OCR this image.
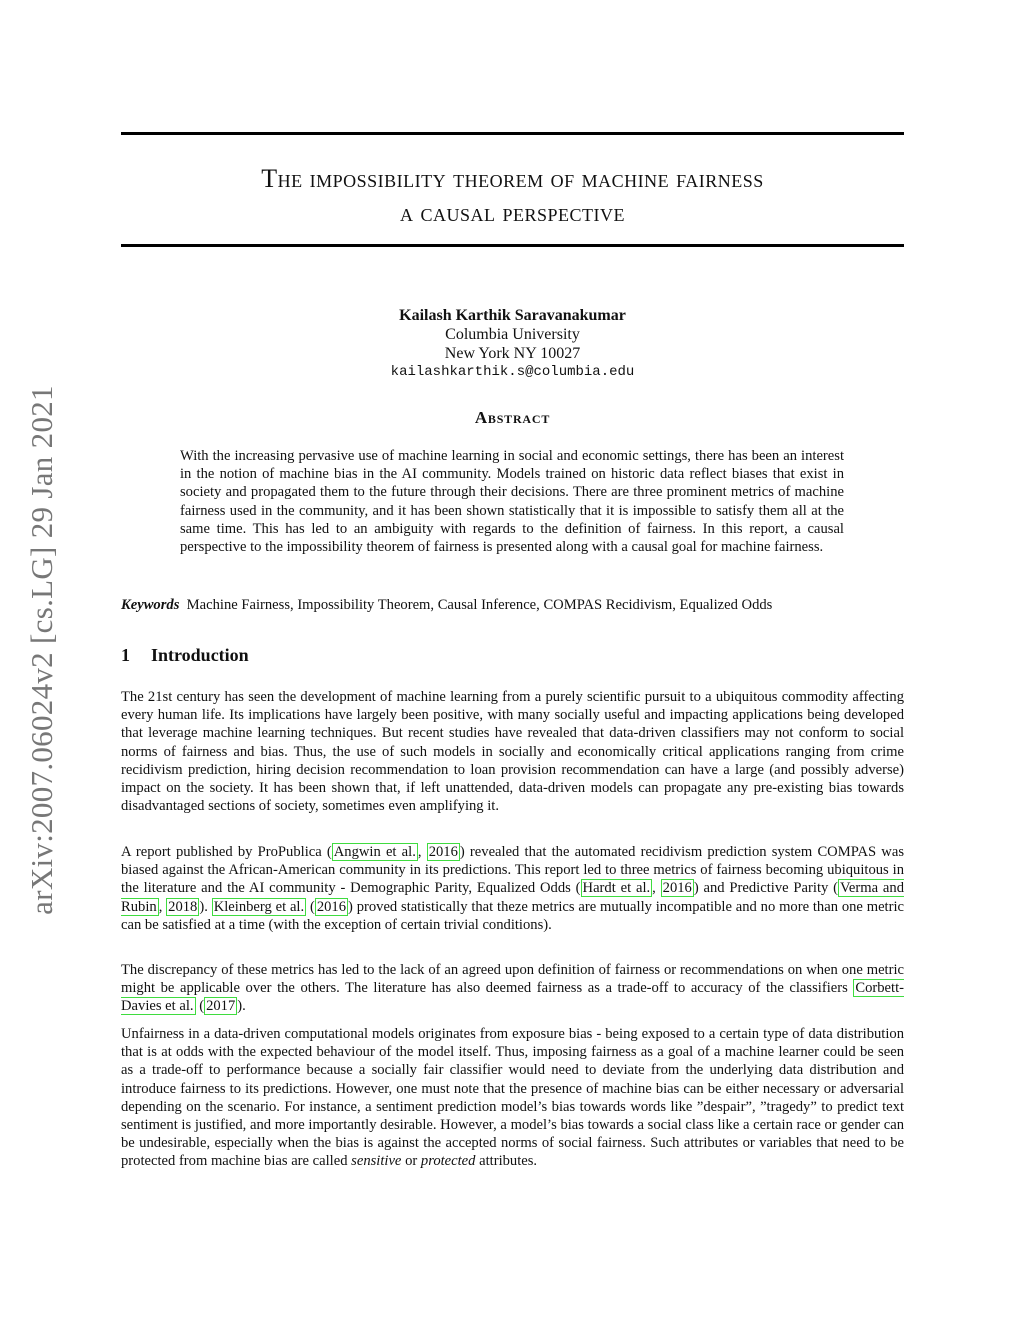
arXiv:2007.06024v2 [cs.LG] 29 Jan 2021
The impossibility theorem of machine fairness
a causal perspective
Kailash Karthik Saravanakumar
Columbia University
New York NY 10027
kailashkarthik.s@columbia.edu
Abstract
With the increasing pervasive use of machine learning in social and economic settings, there has been an interest in the notion of machine bias in the AI community. Models trained on historic data reflect biases that exist in society and propagated them to the future through their decisions. There are three prominent metrics of machine fairness used in the community, and it has been shown statistically that it is impossible to satisfy them all at the same time. This has led to an ambiguity with regards to the definition of fairness. In this report, a causal perspective to the impossibility theorem of fairness is presented along with a causal goal for machine fairness.
Keywords Machine Fairness, Impossibility Theorem, Causal Inference, COMPAS Recidivism, Equalized Odds
1 Introduction

The 21st century has seen the development of machine learning from a purely scientific pursuit to a ubiquitous commodity affecting every human life. Its implications have largely been positive, with many socially useful and impacting applications being developed that leverage machine learning techniques. But recent studies have revealed that data-driven classifiers may not conform to social norms of fairness and bias. Thus, the use of such models in socially and economically critical applications ranging from crime recidivism prediction, hiring decision recommendation to loan provision recommendation can have a large (and possibly adverse) impact on the society. It has been shown that, if left unattended, data-driven models can propagate any pre-existing bias towards disadvantaged sections of society, sometimes even amplifying it.

A report published by ProPublica ( Angwin et al. , 2016 ) revealed that the automated recidivism prediction system COMPAS was biased against the African-American community in its predictions. This report led to three metrics of fairness becoming ubiquitous in the literature and the AI community - Demographic Parity, Equalized Odds ( Hardt et al. , 2016 ) and Predictive Parity ( Verma and Rubin , 2018 ). Kleinberg et al. ( 2016 ) proved statistically that theze metrics are mutually incompatible and no more than one metric can be satisfied at a time (with the exception of certain trivial conditions).

The discrepancy of these metrics has led to the lack of an agreed upon definition of fairness or recommendations on when one metric might be applicable over the others. The literature has also deemed fairness as a trade-off to accuracy of the classifiers Corbett-Davies et al. ( 2017 ).

Unfairness in a data-driven computational models originates from exposure bias - being exposed to a certain type of data distribution that is at odds with the expected behaviour of the model itself. Thus, imposing fairness as a goal of a machine learner could be seen as a trade-off to performance because a socially fair classifier would need to deviate from the underlying data distribution and introduce fairness to its predictions. However, one must note that the presence of machine bias can be either necessary or adversarial depending on the scenario. For instance, a sentiment prediction model’s bias towards words like ”despair”, ”tragedy” to predict text sentiment is justified, and more importantly desirable. However, a model’s bias towards a social class like a certain race or gender can be undesirable, especially when the bias is against the accepted norms of social fairness. Such attributes or variables that need to be protected from machine bias are called sensitive or protected attributes.
